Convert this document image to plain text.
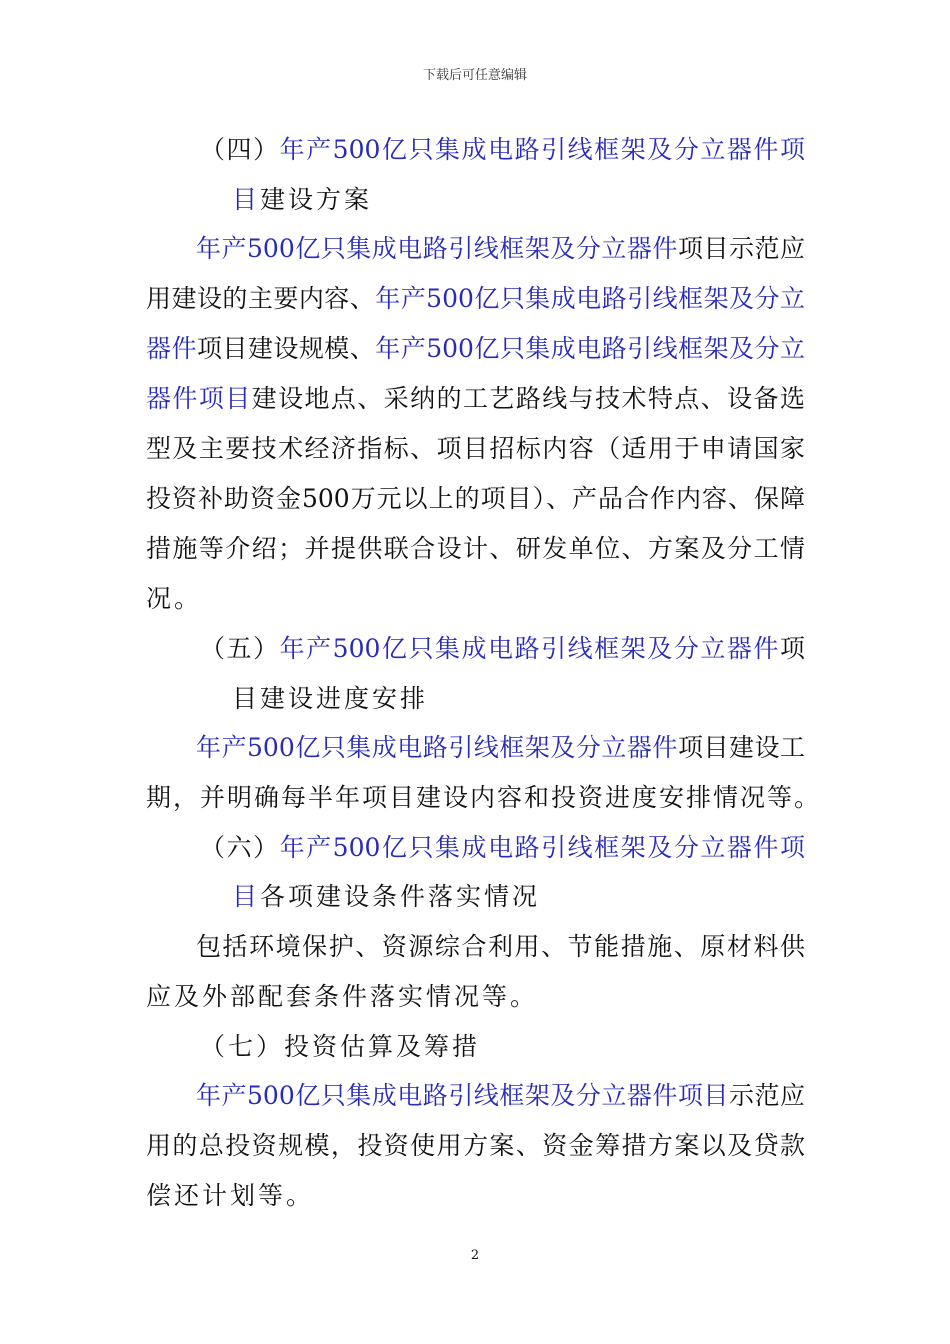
下载后可任意编辑
（四）年产500亿只集成电路引线框架及分立器件项
目建设方案
年产500亿只集成电路引线框架及分立器件项目示范应
用建设的主要内容、年产500亿只集成电路引线框架及分立
器件项目建设规模、年产500亿只集成电路引线框架及分立
器件项目建设地点、采纳的工艺路线与技术特点、设备选
型及主要技术经济指标、项目招标内容（适用于申请国家
投资补助资金500万元以上的项目）、产品合作内容、保障
措施等介绍；并提供联合设计、研发单位、方案及分工情
况。
（五）年产500亿只集成电路引线框架及分立器件项
目建设进度安排
年产500亿只集成电路引线框架及分立器件项目建设工
期，并明确每半年项目建设内容和投资进度安排情况等。
（六）年产500亿只集成电路引线框架及分立器件项
目各项建设条件落实情况
包括环境保护、资源综合利用、节能措施、原材料供
应及外部配套条件落实情况等。
（七）投资估算及筹措
年产500亿只集成电路引线框架及分立器件项目示范应
用的总投资规模，投资使用方案、资金筹措方案以及贷款
偿还计划等。
2
